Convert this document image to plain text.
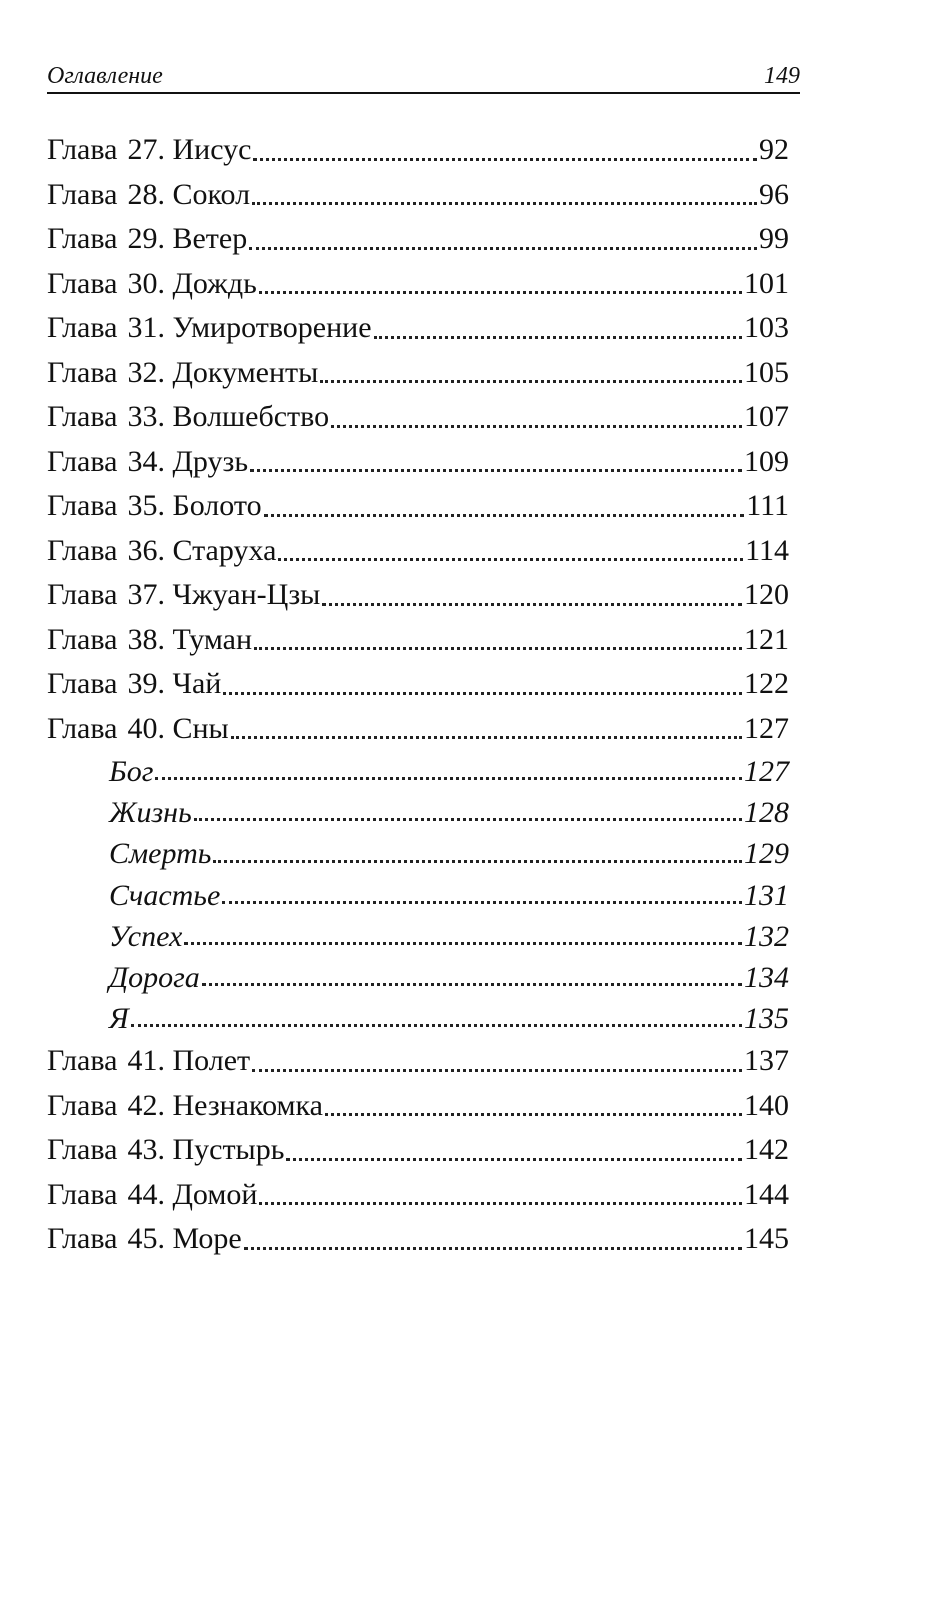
Оглавление	149
Глава 27. Иисус	92
Глава 28. Сокол	96
Глава 29. Ветер	99
Глава 30. Дождь	101
Глава 31. Умиротворение	103
Глава 32. Документы	105
Глава 33. Волшебство	107
Глава 34. Друзь	109
Глава 35. Болото	111
Глава 36. Старуха	114
Глава 37. Чжуан-Цзы	120
Глава 38. Туман	121
Глава 39. Чай	122
Глава 40. Сны	127
Бог	127
Жизнь	128
Смерть	129
Счастье	131
Успех	132
Дорога	134
Я	135
Глава 41. Полет	137
Глава 42. Незнакомка	140
Глава 43. Пустырь	142
Глава 44. Домой	144
Глава 45. Море	145
